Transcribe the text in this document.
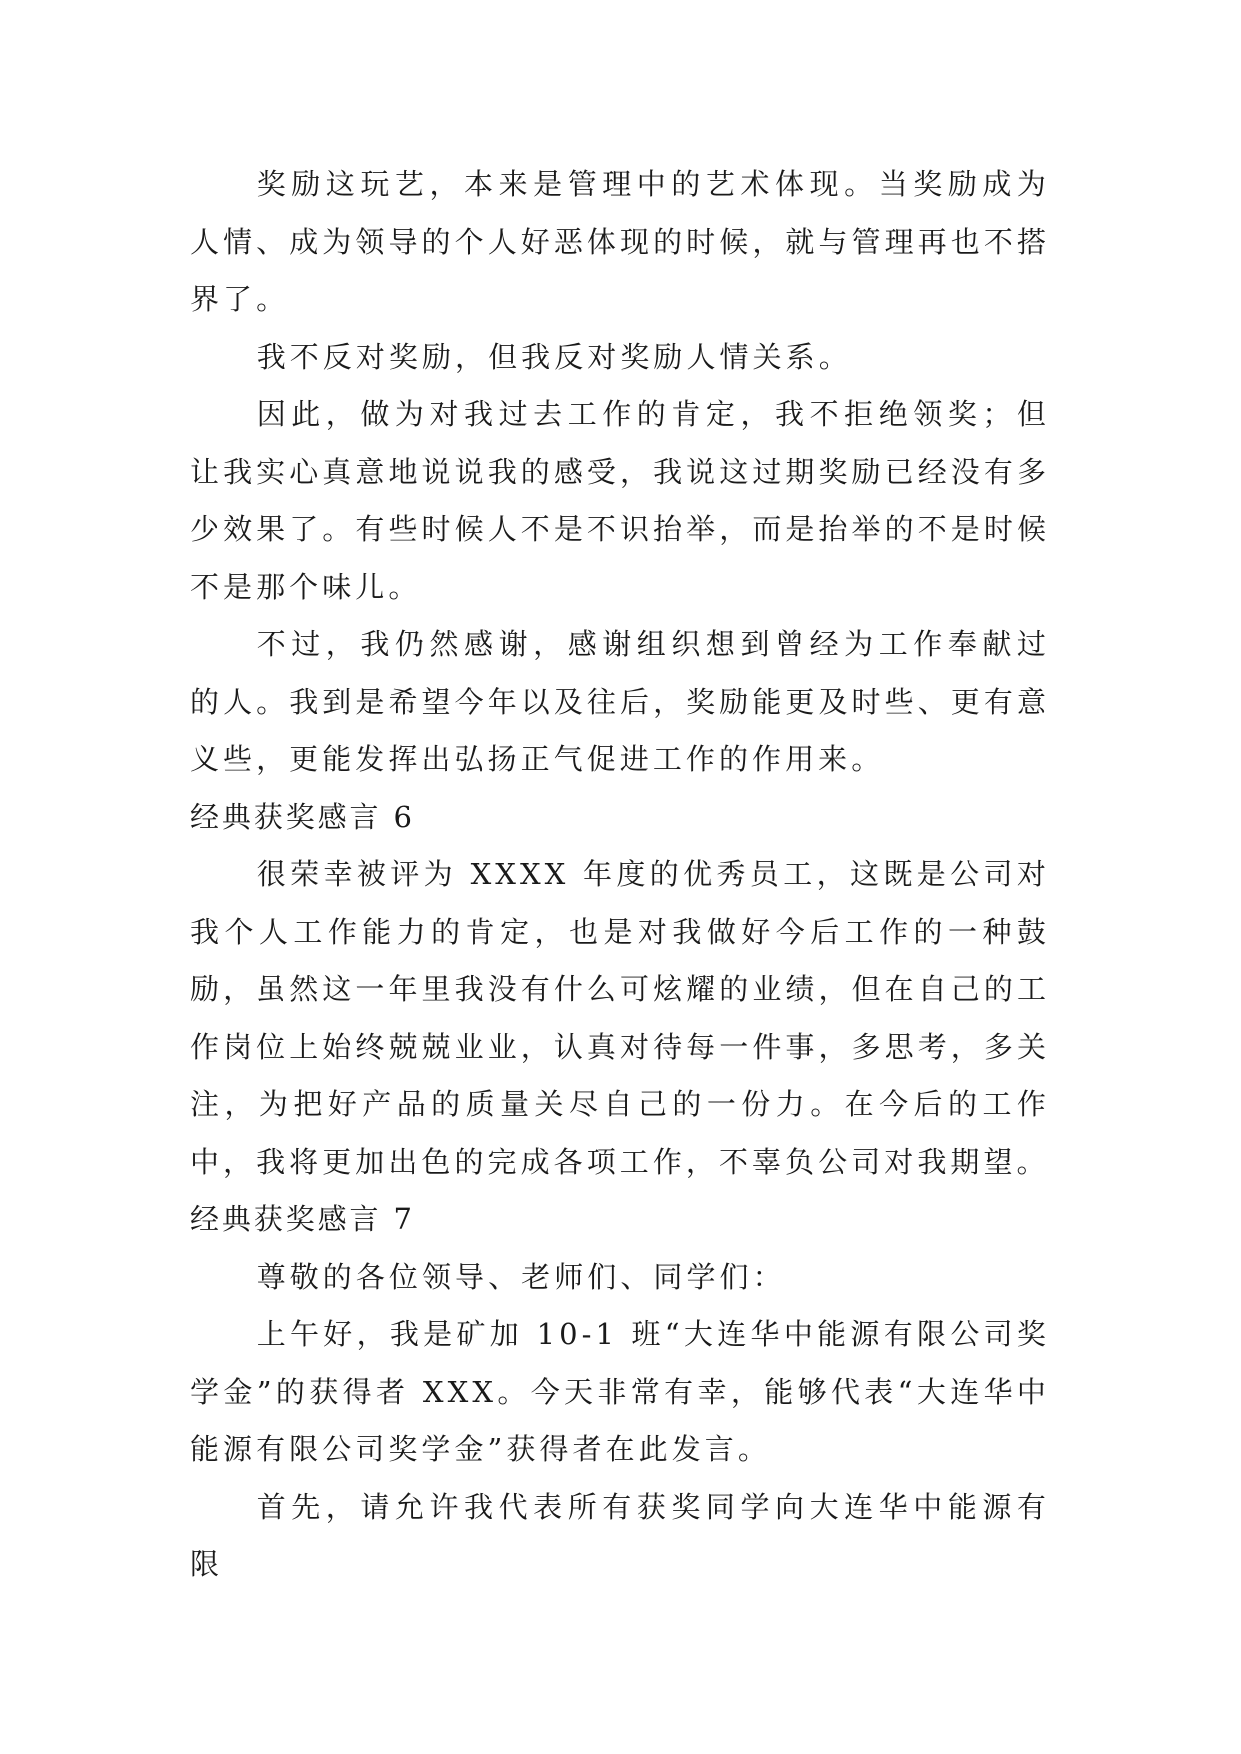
奖励这玩艺，本来是管理中的艺术体现。当奖励成为人情、成为领导的个人好恶体现的时候，就与管理再也不搭界了。

我不反对奖励，但我反对奖励人情关系。

因此，做为对我过去工作的肯定，我不拒绝领奖；但让我实心真意地说说我的感受，我说这过期奖励已经没有多少效果了。有些时候人不是不识抬举，而是抬举的不是时候不是那个味儿。

不过，我仍然感谢，感谢组织想到曾经为工作奉献过的人。我到是希望今年以及往后，奖励能更及时些、更有意义些，更能发挥出弘扬正气促进工作的作用来。

经典获奖感言 6

很荣幸被评为 XXXX 年度的优秀员工，这既是公司对我个人工作能力的肯定，也是对我做好今后工作的一种鼓励，虽然这一年里我没有什么可炫耀的业绩，但在自己的工作岗位上始终兢兢业业，认真对待每一件事，多思考，多关注，为把好产品的质量关尽自己的一份力。在今后的工作中，我将更加出色的完成各项工作，不辜负公司对我期望。

经典获奖感言 7

尊敬的各位领导、老师们、同学们：

上午好，我是矿加 10-1 班“大连华中能源有限公司奖学金”的获得者 XXX。今天非常有幸，能够代表“大连华中能源有限公司奖学金”获得者在此发言。

首先，请允许我代表所有获奖同学向大连华中能源有限
